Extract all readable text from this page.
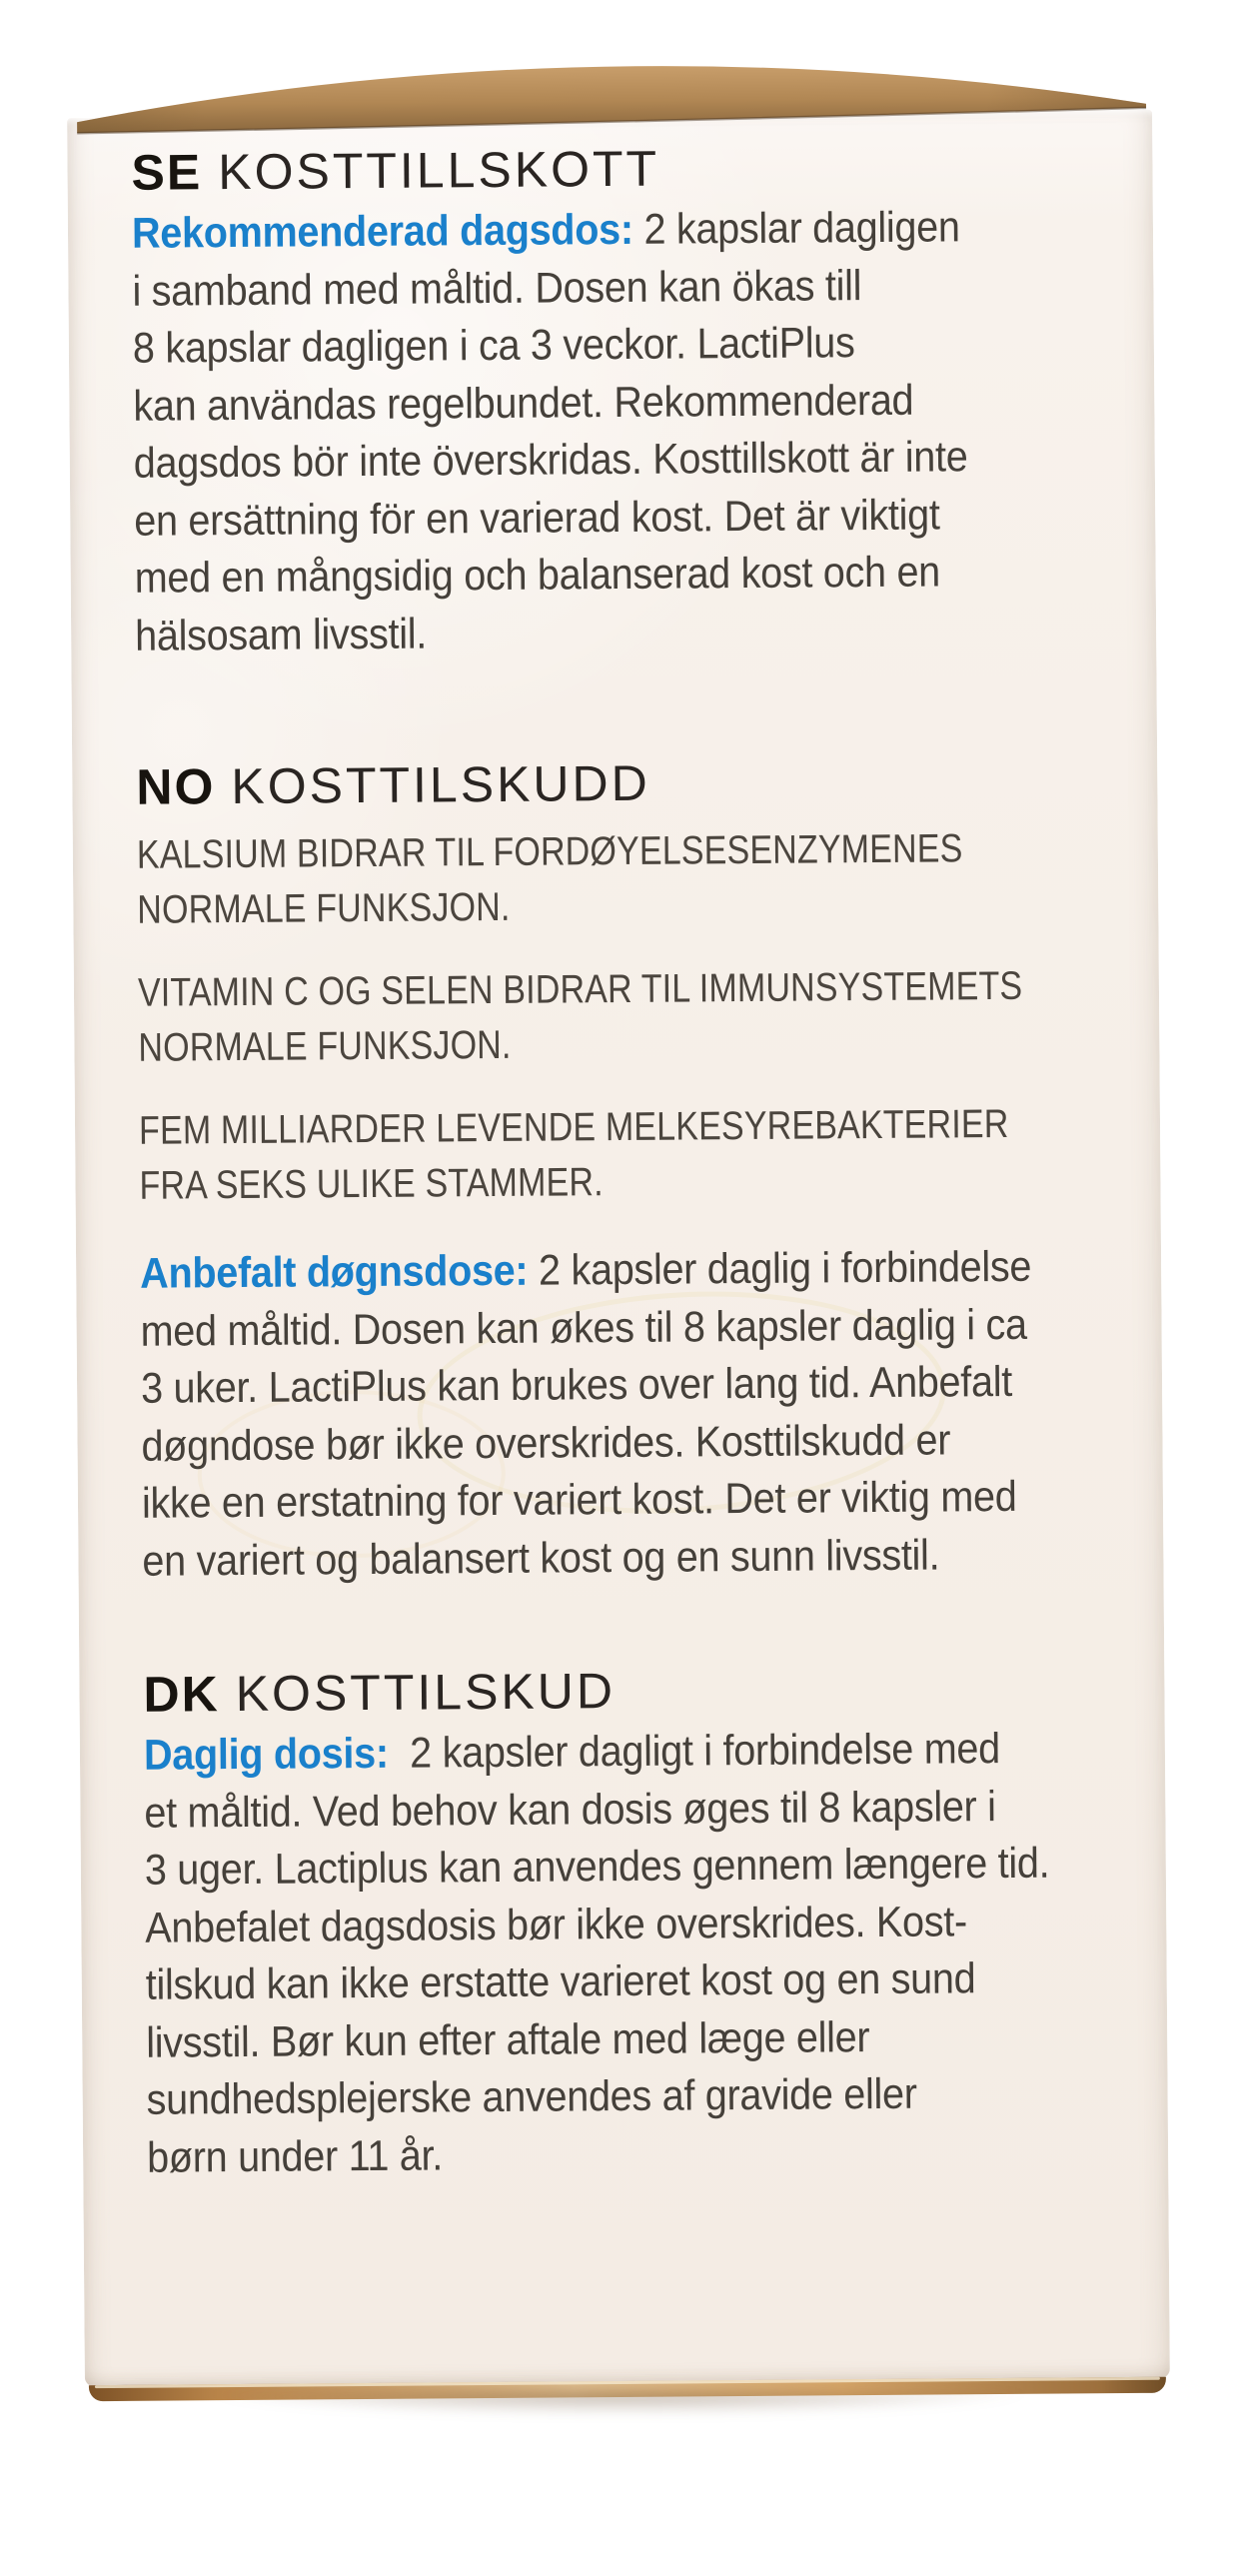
SE KOSTTILLSKOTT
Rekommenderad dagsdos: 2 kapslar dagligen
i samband med måltid. Dosen kan ökas till
8 kapslar dagligen i ca 3 veckor. LactiPlus
kan användas regelbundet. Rekommenderad
dagsdos bör inte överskridas. Kosttillskott är inte
en ersättning för en varierad kost. Det är viktigt
med en mångsidig och balanserad kost och en
hälsosam livsstil.
NO KOSTTILSKUDD
KALSIUM BIDRAR TIL FORDØYELSESENZYMENES
NORMALE FUNKSJON.
VITAMIN C OG SELEN BIDRAR TIL IMMUNSYSTEMETS
NORMALE FUNKSJON.
FEM MILLIARDER LEVENDE MELKESYREBAKTERIER
FRA SEKS ULIKE STAMMER.
Anbefalt døgnsdose: 2 kapsler daglig i forbindelse
med måltid. Dosen kan økes til 8 kapsler daglig i ca
3 uker. LactiPlus kan brukes over lang tid. Anbefalt
døgndose bør ikke overskrides. Kosttilskudd er
ikke en erstatning for variert kost. Det er viktig med
en variert og balansert kost og en sunn livsstil.
DK KOSTTILSKUD
Daglig dosis: 2 kapsler dagligt i forbindelse med
et måltid. Ved behov kan dosis øges til 8 kapsler i
3 uger. Lactiplus kan anvendes gennem længere tid.
Anbefalet dagsdosis bør ikke overskrides. Kost-
tilskud kan ikke erstatte varieret kost og en sund
livsstil. Bør kun efter aftale med læge eller
sundhedsplejerske anvendes af gravide eller
børn under 11 år.
